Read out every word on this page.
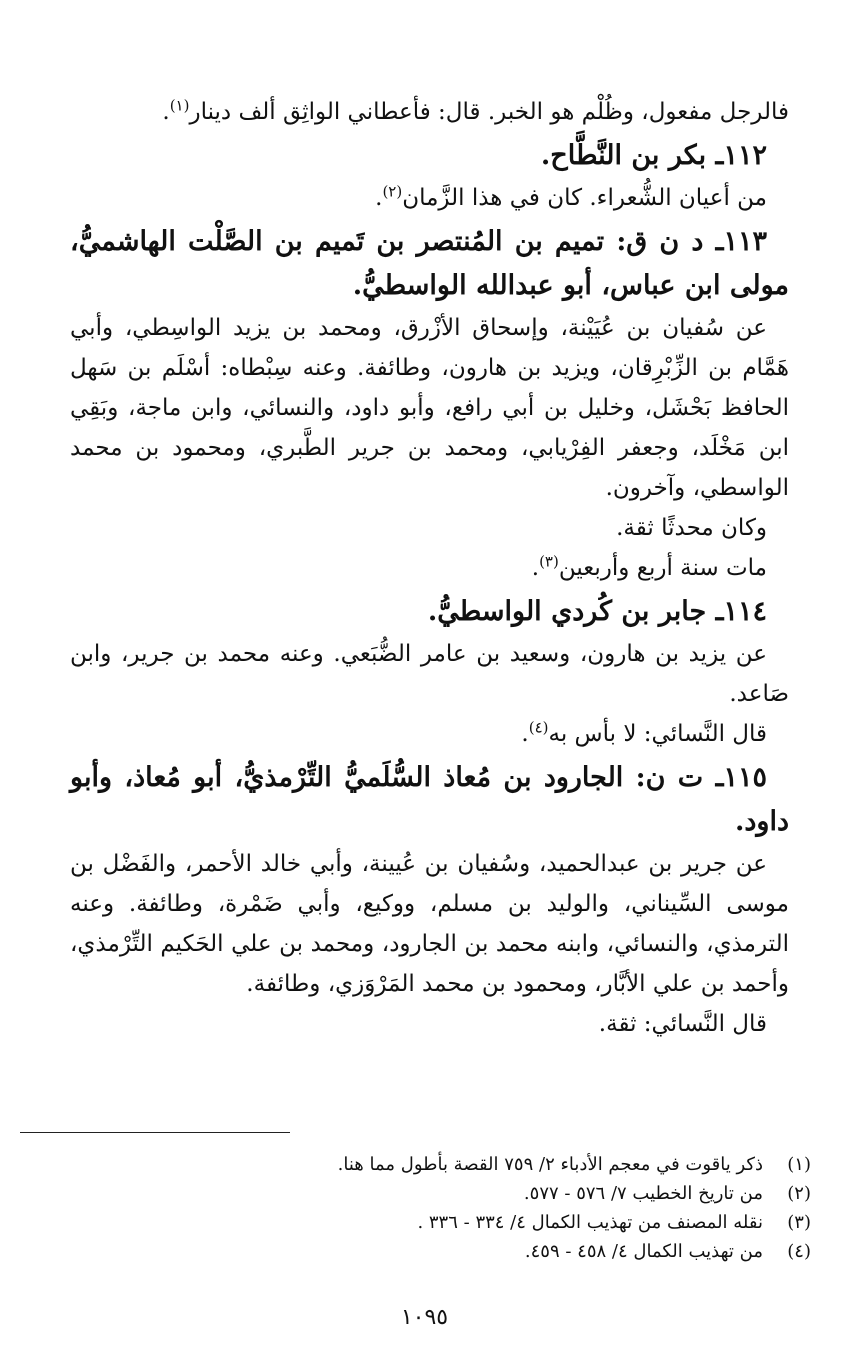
فالرجل مفعول، وظُلْم هو الخبر. قال: فأعطاني الواثِق ألف دينار$^{(١)}$.

١١٢ـ بكر بن النَّطَّاح.

من أعيان الشُّعراء. كان في هذا الزَّمان$^{(٢)}$.

١١٣ـ د ن ق: تميم بن المُنتصر بن تَميم بن الصَّلْت الهاشميُّ، مولى ابن عباس، أبو عبدالله الواسطيُّ.

عن سُفيان بن عُيَيْنة، وإسحاق الأزْرق، ومحمد بن يزيد الواسِطي، وأبي هَمَّام بن الزِّبْرِقان، ويزيد بن هارون، وطائفة. وعنه سِبْطاه: أسْلَم بن سَهل الحافظ بَحْشَل، وخليل بن أبي رافع، وأبو داود، والنسائي، وابن ماجة، وبَقِي ابن مَخْلَد، وجعفر الفِرْيابي، ومحمد بن جرير الطَّبري، ومحمود بن محمد الواسطي، وآخرون.

وكان محدثًا ثقة.

مات سنة أربع وأربعين$^{(٣)}$.

١١٤ـ جابر بن كُردي الواسطيُّ.

عن يزيد بن هارون، وسعيد بن عامر الضُّبَعي. وعنه محمد بن جرير، وابن صَاعد.

قال النَّسائي: لا بأس به$^{(٤)}$.

١١٥ـ ت ن: الجارود بن مُعاذ السُّلَميُّ التِّرْمذيُّ، أبو مُعاذ، وأبو داود.

عن جرير بن عبدالحميد، وسُفيان بن عُيينة، وأبي خالد الأحمر، والفَضْل بن موسى السِّيناني، والوليد بن مسلم، ووكيع، وأبي ضَمْرة، وطائفة. وعنه الترمذي، والنسائي، وابنه محمد بن الجارود، ومحمد بن علي الحَكيم التِّرْمذي، وأحمد بن علي الأبَّار، ومحمود بن محمد المَرْوَزي، وطائفة.

قال النَّسائي: ثقة.

(١)
ذكر ياقوت في معجم الأدباء ٢/ ٧٥٩ القصة بأطول مما هنا.
(٢)
من تاريخ الخطيب ٧/ ٥٧٦ - ٥٧٧.
(٣)
نقله المصنف من تهذيب الكمال ٤/ ٣٣٤ - ٣٣٦ .
(٤)
من تهذيب الكمال ٤/ ٤٥٨ - ٤٥٩.
١٠٩٥
